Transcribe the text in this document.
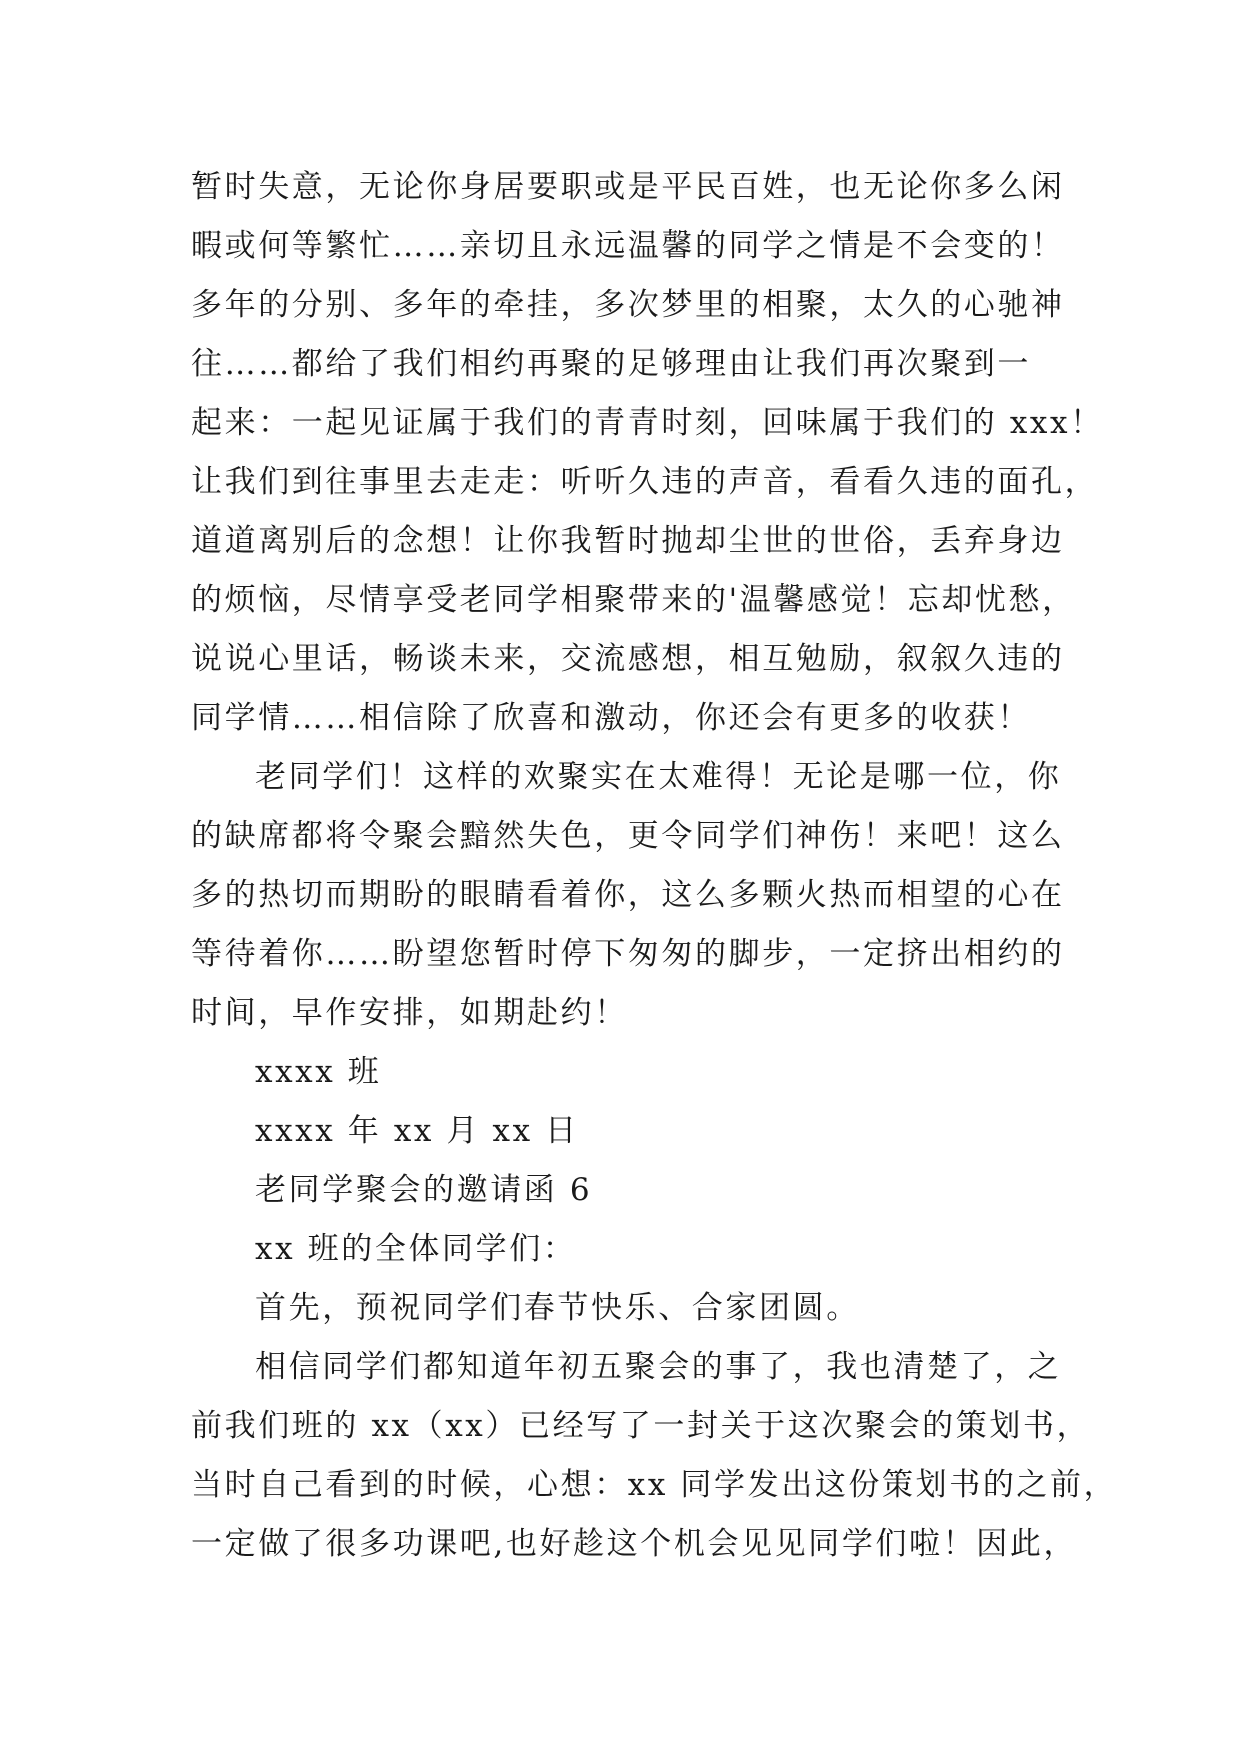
暂时失意，无论你身居要职或是平民百姓，也无论你多么闲
暇或何等繁忙……亲切且永远温馨的同学之情是不会变的！
多年的分别、多年的牵挂，多次梦里的相聚，太久的心驰神
往……都给了我们相约再聚的足够理由让我们再次聚到一
起来：一起见证属于我们的青青时刻，回味属于我们的 xxx！
让我们到往事里去走走：听听久违的声音，看看久违的面孔，
道道离别后的念想！让你我暂时抛却尘世的世俗，丢弃身边
的烦恼，尽情享受老同学相聚带来的'温馨感觉！忘却忧愁，
说说心里话，畅谈未来，交流感想，相互勉励，叙叙久违的
同学情……相信除了欣喜和激动，你还会有更多的收获！
老同学们！这样的欢聚实在太难得！无论是哪一位，你
的缺席都将令聚会黯然失色，更令同学们神伤！来吧！这么
多的热切而期盼的眼睛看着你，这么多颗火热而相望的心在
等待着你……盼望您暂时停下匆匆的脚步，一定挤出相约的
时间，早作安排，如期赴约！
xxxx 班
xxxx 年 xx 月 xx 日
老同学聚会的邀请函 6
xx 班的全体同学们：
首先，预祝同学们春节快乐、合家团圆。
相信同学们都知道年初五聚会的事了，我也清楚了，之
前我们班的 xx（xx）已经写了一封关于这次聚会的策划书，
当时自己看到的时候，心想：xx 同学发出这份策划书的之前，
一定做了很多功课吧,也好趁这个机会见见同学们啦！因此，
